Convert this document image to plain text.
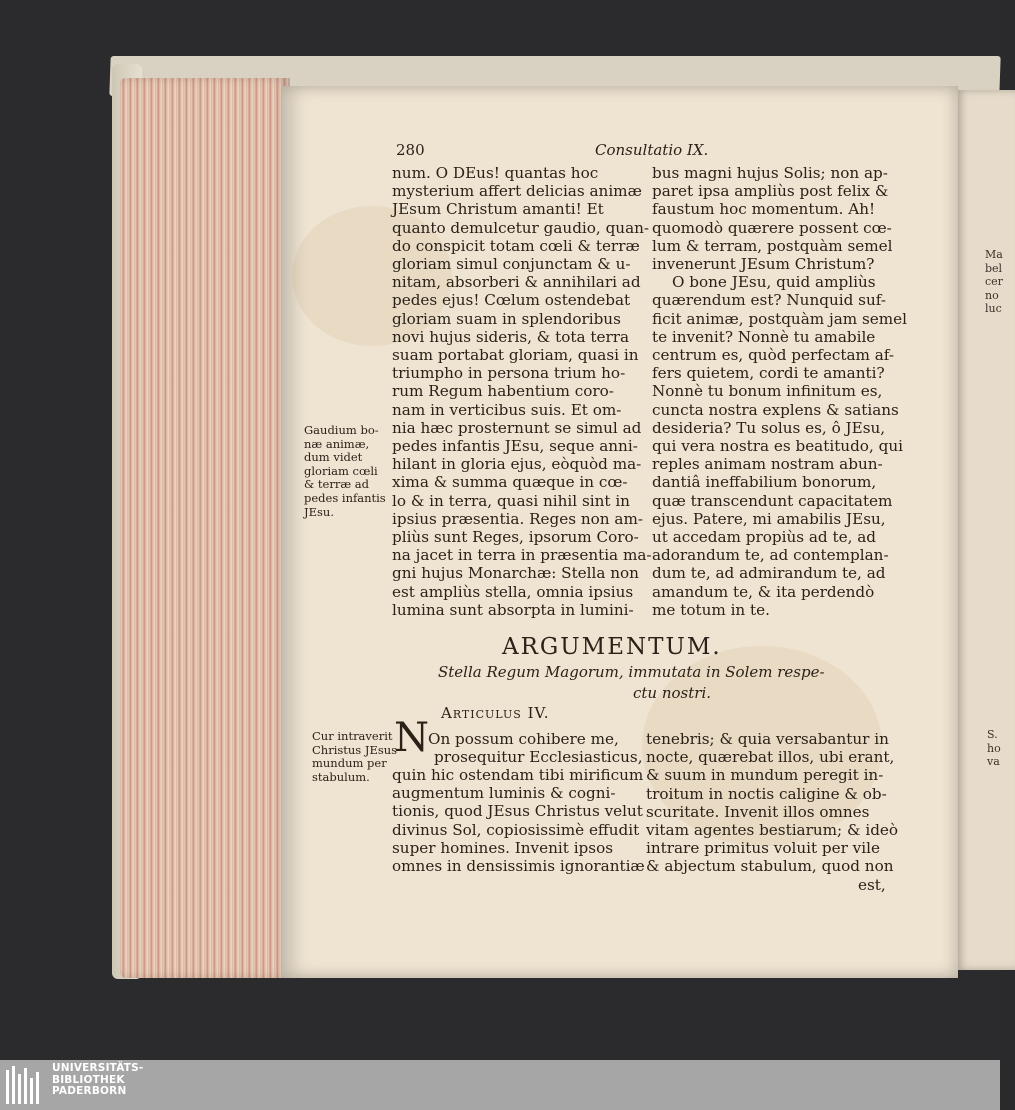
Ma
bel
cer
no
luc
S.
ho
va
280	Consultatio IX.
num. O DEus! quantas hoc
mysterium affert delicias animæ
JEsum Christum amanti! Et
quanto demulcetur gaudio, quan-
do conspicit totam cœli & terræ
gloriam simul conjunctam & u-
nitam, absorberi & annihilari ad
pedes ejus! Cœlum ostendebat
gloriam suam in splendoribus
novi hujus sideris, & tota terra
suam portabat gloriam, quasi in
triumpho in persona trium ho-
rum Regum habentium coro-
nam in verticibus suis. Et om-
nia hæc prosternunt se simul ad
pedes infantis JEsu, seque anni-
hilant in gloria ejus, eòquòd ma-
xima & summa quæque in cœ-
lo & in terra, quasi nihil sint in
ipsius præsentia. Reges non am-
pliùs sunt Reges, ipsorum Coro-
na jacet in terra in præsentia ma-
gni hujus Monarchæ: Stella non
est ampliùs stella, omnia ipsius
lumina sunt absorpta in lumini-
bus magni hujus Solis; non ap-
paret ipsa ampliùs post felix &
faustum hoc momentum. Ah!
quomodò quærere possent cœ-
lum & terram, postquàm semel
invenerunt JEsum Christum?
O bone JEsu, quid ampliùs
quærendum est? Nunquid suf-
ficit animæ, postquàm jam semel
te invenit? Nonnè tu amabile
centrum es, quòd perfectam af-
fers quietem, cordi te amanti?
Nonnè tu bonum infinitum es,
cuncta nostra explens & satians
desideria? Tu solus es, ô JEsu,
qui vera nostra es beatitudo, qui
reples animam nostram abun-
dantiâ ineffabilium bonorum,
quæ transcendunt capacitatem
ejus. Patere, mi amabilis JEsu,
ut accedam propiùs ad te, ad
adorandum te, ad contemplan-
dum te, ad admirandum te, ad
amandum te, & ita perdendò
me totum in te.
Gaudium bo-
næ animæ,
dum videt
gloriam cœli
& terræ ad
pedes infantis
JEsu.
ARGUMENTUM.
Stella Regum Magorum, immutata in Solem respe-
ctu nostri.
Articulus IV.
Cur intraverit
Christus JEsus
mundum per
stabulum.
N On possum cohibere me,
prosequitur Ecclesiasticus,
quin hic ostendam tibi mirificum
augmentum luminis & cogni-
tionis, quod JEsus Christus velut
divinus Sol, copiosissimè effudit
super homines. Invenit ipsos
omnes in densissimis ignorantiæ
tenebris; & quia versabantur in
nocte, quærebat illos, ubi erant,
& suum in mundum peregit in-
troitum in noctis caligine & ob-
scuritate. Invenit illos omnes
vitam agentes bestiarum; & ideò
intrare primitus voluit per vile
& abjectum stabulum, quod non
est,
UNIVERSITÄTS-
BIBLIOTHEK
PADERBORN
